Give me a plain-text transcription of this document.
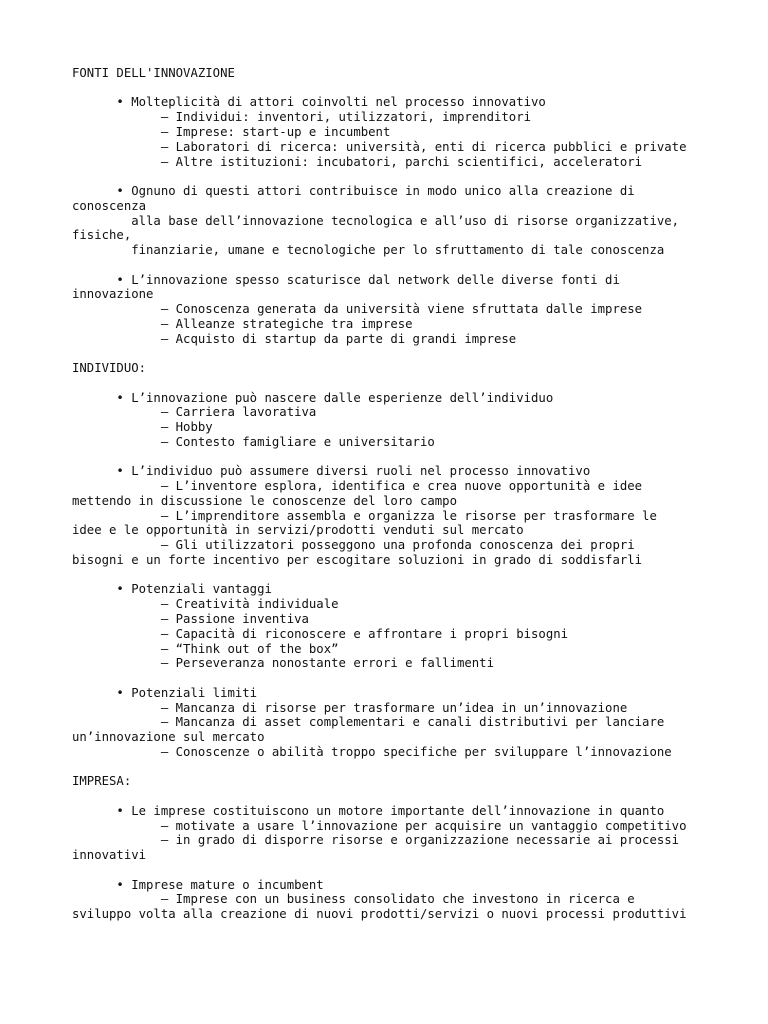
FONTI DELL'INNOVAZIONE
• Molteplicità di attori coinvolti nel processo innovativo
– Individui: inventori, utilizzatori, imprenditori
– Imprese: start-up e incumbent
– Laboratori di ricerca: università, enti di ricerca pubblici e private
– Altre istituzioni: incubatori, parchi scientifici, acceleratori
• Ognuno di questi attori contribuisce in modo unico alla creazione di
conoscenza
alla base dell’innovazione tecnologica e all’uso di risorse organizzative,
fisiche,
finanziarie, umane e tecnologiche per lo sfruttamento di tale conoscenza
• L’innovazione spesso scaturisce dal network delle diverse fonti di
innovazione
– Conoscenza generata da università viene sfruttata dalle imprese
– Alleanze strategiche tra imprese
– Acquisto di startup da parte di grandi imprese
INDIVIDUO:
• L’innovazione può nascere dalle esperienze dell’individuo
– Carriera lavorativa
– Hobby
– Contesto famigliare e universitario
• L’individuo può assumere diversi ruoli nel processo innovativo
– L’inventore esplora, identifica e crea nuove opportunità e idee
mettendo in discussione le conoscenze del loro campo
– L’imprenditore assembla e organizza le risorse per trasformare le
idee e le opportunità in servizi/prodotti venduti sul mercato
– Gli utilizzatori posseggono una profonda conoscenza dei propri
bisogni e un forte incentivo per escogitare soluzioni in grado di soddisfarli
• Potenziali vantaggi
– Creatività individuale
– Passione inventiva
– Capacità di riconoscere e affrontare i propri bisogni
– “Think out of the box”
– Perseveranza nonostante errori e fallimenti
• Potenziali limiti
– Mancanza di risorse per trasformare un’idea in un’innovazione
– Mancanza di asset complementari e canali distributivi per lanciare
un’innovazione sul mercato
– Conoscenze o abilità troppo specifiche per sviluppare l’innovazione
IMPRESA:
• Le imprese costituiscono un motore importante dell’innovazione in quanto
– motivate a usare l’innovazione per acquisire un vantaggio competitivo
– in grado di disporre risorse e organizzazione necessarie ai processi
innovativi
• Imprese mature o incumbent
– Imprese con un business consolidato che investono in ricerca e
sviluppo volta alla creazione di nuovi prodotti/servizi o nuovi processi produttivi
